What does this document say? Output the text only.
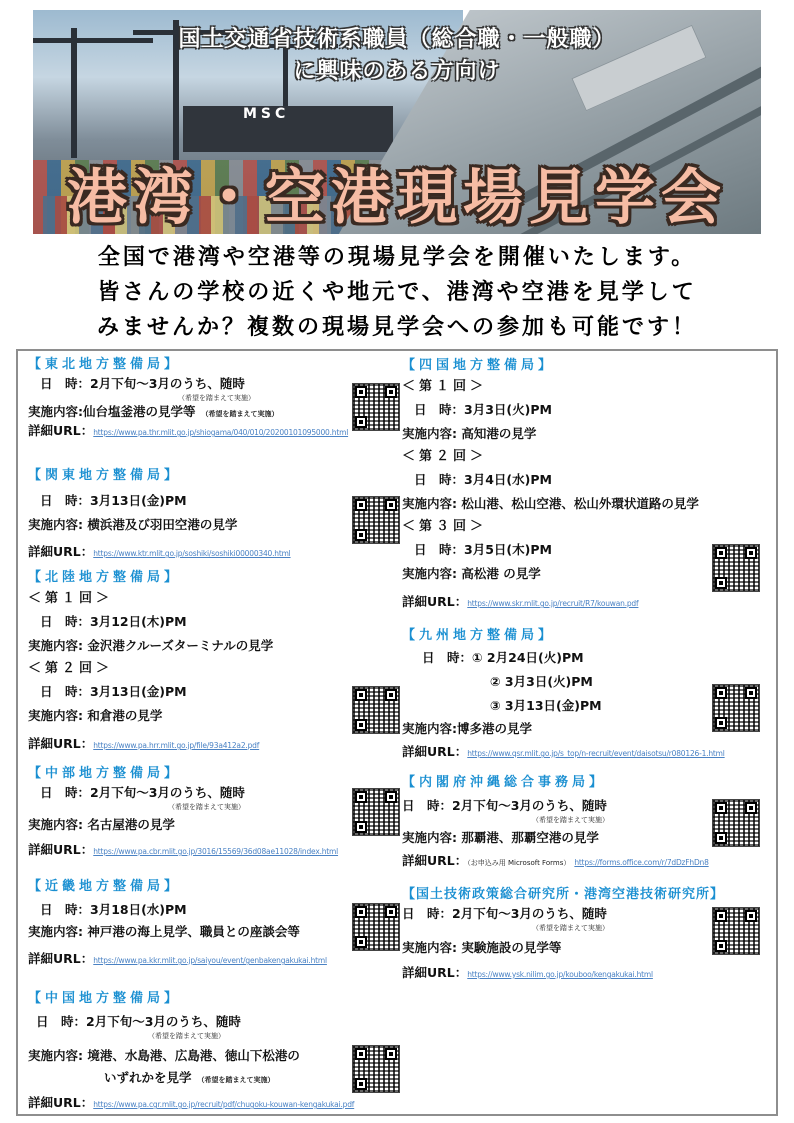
MSC
国土交通省技術系職員（総合職・一般職）
に興味のある方向け
港湾・空港現場見学会
全国で港湾や空港等の現場見学会を開催いたします。
皆さんの学校の近くや地元で、港湾や空港を見学して
みませんか？複数の現場見学会への参加も可能です！
【東北地方整備局】
日　時：2月下旬～3月のうち、随時
（希望を踏まえて実施）
実施内容:仙台塩釜港の見学等 （希望を踏まえて実施）
詳細URL：https://www.pa.thr.mlit.go.jp/shiogama/040/010/20200101095000.html
【関東地方整備局】
日　時：3月13日(金)PM
実施内容: 横浜港及び羽田空港の見学
詳細URL：https://www.ktr.mlit.go.jp/soshiki/soshiki00000340.html
【北陸地方整備局】
＜第１回＞
日　時：3月12日(木)PM
実施内容: 金沢港クルーズターミナルの見学
＜第２回＞
日　時：3月13日(金)PM
実施内容: 和倉港の見学
詳細URL：https://www.pa.hrr.mlit.go.jp/file/93a412a2.pdf
【中部地方整備局】
日　時：2月下旬～3月のうち、随時
（希望を踏まえて実施）
実施内容: 名古屋港の見学
詳細URL：https://www.pa.cbr.mlit.go.jp/3016/15569/36d08ae11028/index.html
【近畿地方整備局】
日　時：3月18日(水)PM
実施内容: 神戸港の海上見学、職員との座談会等
詳細URL：https://www.pa.kkr.mlit.go.jp/saiyou/event/genbakengakukai.html
【中国地方整備局】
日　時：2月下旬～3月のうち、随時
（希望を踏まえて実施）
実施内容: 境港、水島港、広島港、徳山下松港の
いずれかを見学 （希望を踏まえて実施）
詳細URL：https://www.pa.cgr.mlit.go.jp/recruit/pdf/chugoku-kouwan-kengakukai.pdf
【四国地方整備局】
＜第１回＞
日　時：3月3日(火)PM
実施内容: 高知港の見学
＜第２回＞
日　時：3月4日(水)PM
実施内容: 松山港、松山空港、松山外環状道路の見学
＜第３回＞
日　時：3月5日(木)PM
実施内容: 高松港 の見学
詳細URL：https://www.skr.mlit.go.jp/recruit/R7/kouwan.pdf
【九州地方整備局】
日　時：① 2月24日(火)PM
② 3月3日(火)PM
③ 3月13日(金)PM
実施内容:博多港の見学
詳細URL：https://www.qsr.mlit.go.jp/s_top/n-recruit/event/daisotsu/r080126-1.html
【内閣府沖縄総合事務局】
日　時：2月下旬～3月のうち、随時
（希望を踏まえて実施）
実施内容: 那覇港、那覇空港の見学
詳細URL：（お申込み用 Microsoft Forms） https://forms.office.com/r/7dDzFhDn8
【国土技術政策総合研究所・港湾空港技術研究所】
日　時：2月下旬～3月のうち、随時
（希望を踏まえて実施）
実施内容: 実験施設の見学等
詳細URL：https://www.ysk.nilim.go.jp/kouboo/kengakukai.html
